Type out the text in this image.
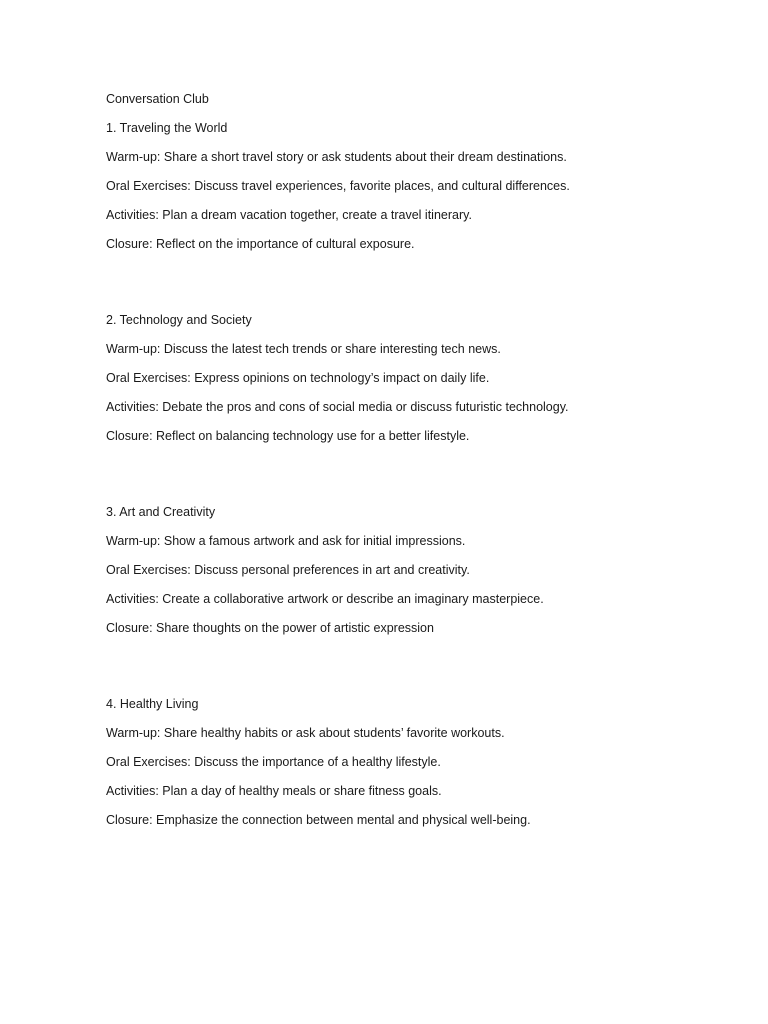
Conversation Club
1. Traveling the World
Warm-up: Share a short travel story or ask students about their dream destinations.
Oral Exercises: Discuss travel experiences, favorite places, and cultural differences.
Activities: Plan a dream vacation together, create a travel itinerary.
Closure: Reflect on the importance of cultural exposure.
2. Technology and Society
Warm-up: Discuss the latest tech trends or share interesting tech news.
Oral Exercises: Express opinions on technology’s impact on daily life.
Activities: Debate the pros and cons of social media or discuss futuristic technology.
Closure: Reflect on balancing technology use for a better lifestyle.
3. Art and Creativity
Warm-up: Show a famous artwork and ask for initial impressions.
Oral Exercises: Discuss personal preferences in art and creativity.
Activities: Create a collaborative artwork or describe an imaginary masterpiece.
Closure: Share thoughts on the power of artistic expression
4. Healthy Living
Warm-up: Share healthy habits or ask about students’ favorite workouts.
Oral Exercises: Discuss the importance of a healthy lifestyle.
Activities: Plan a day of healthy meals or share fitness goals.
Closure: Emphasize the connection between mental and physical well-being.
